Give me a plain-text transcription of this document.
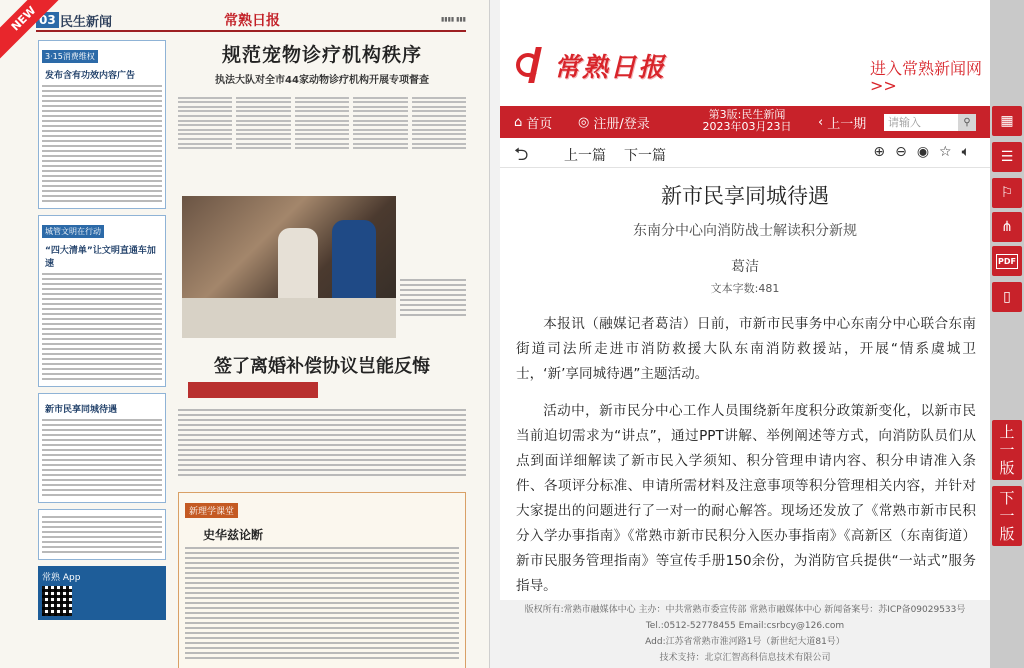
NEW 03 民生新闻	常熟日报	▮▮▮▮ ▮▮▮
3·15消费维权
发布含有功效内容广告
城管文明在行动
“四大清单”让文明直通车加速
新市民享同城待遇
常熟 App
规范宠物诊疗机构秩序
执法大队对全市44家动物诊疗机构开展专项督查
签了离婚补偿协议岂能反悔
新理学课堂
史华兹论断
常熟日报	进入常熟新闻网>>
⌂ 首页 ◎ 注册/登录
第3版:民生新闻
2023年03月23日	‹ 上一期
请输入	⚲
⮌	上一篇 下一篇	⊕ ⊖ ◉ ☆ 🔈︎
新市民享同城待遇
东南分中心向消防战士解读积分新规
葛洁
文本字数:481

本报讯（融媒记者葛洁）日前，市新市民事务中心东南分中心联合东南街道司法所走进市消防救援大队东南消防救援站，开展“情系虞城卫士，‘新’享同城待遇”主题活动。

活动中，新市民分中心工作人员围绕新年度积分政策新变化，以新市民当前迫切需求为“讲点”，通过PPT讲解、举例阐述等方式，向消防队员们从点到面详细解读了新市民入学须知、积分管理申请内容、积分申请准入条件、各项评分标准、申请所需材料及注意事项等积分管理相关内容，并针对大家提出的问题进行了一对一的耐心解答。现场还发放了《常熟市新市民积分入学办事指南》《常熟市新市民积分入医办事指南》《高新区（东南街道）新市民服务管理指南》等宣传手册150余份，为消防官兵提供“一站式”服务指导。

版权所有:常熟市融媒体中心 主办：中共常熟市委宣传部 常熟市融媒体中心 新闻备案号：苏ICP备09029533号
Tel.:0512-52778455 Email:csrbcy@126.com
Add:江苏省常熟市淮河路1号（新世纪大道81号）
技术支持：北京汇智高科信息技术有限公司
▦
☰
⚐
⋔
PDF
▯
上
一
版
下
一
版
